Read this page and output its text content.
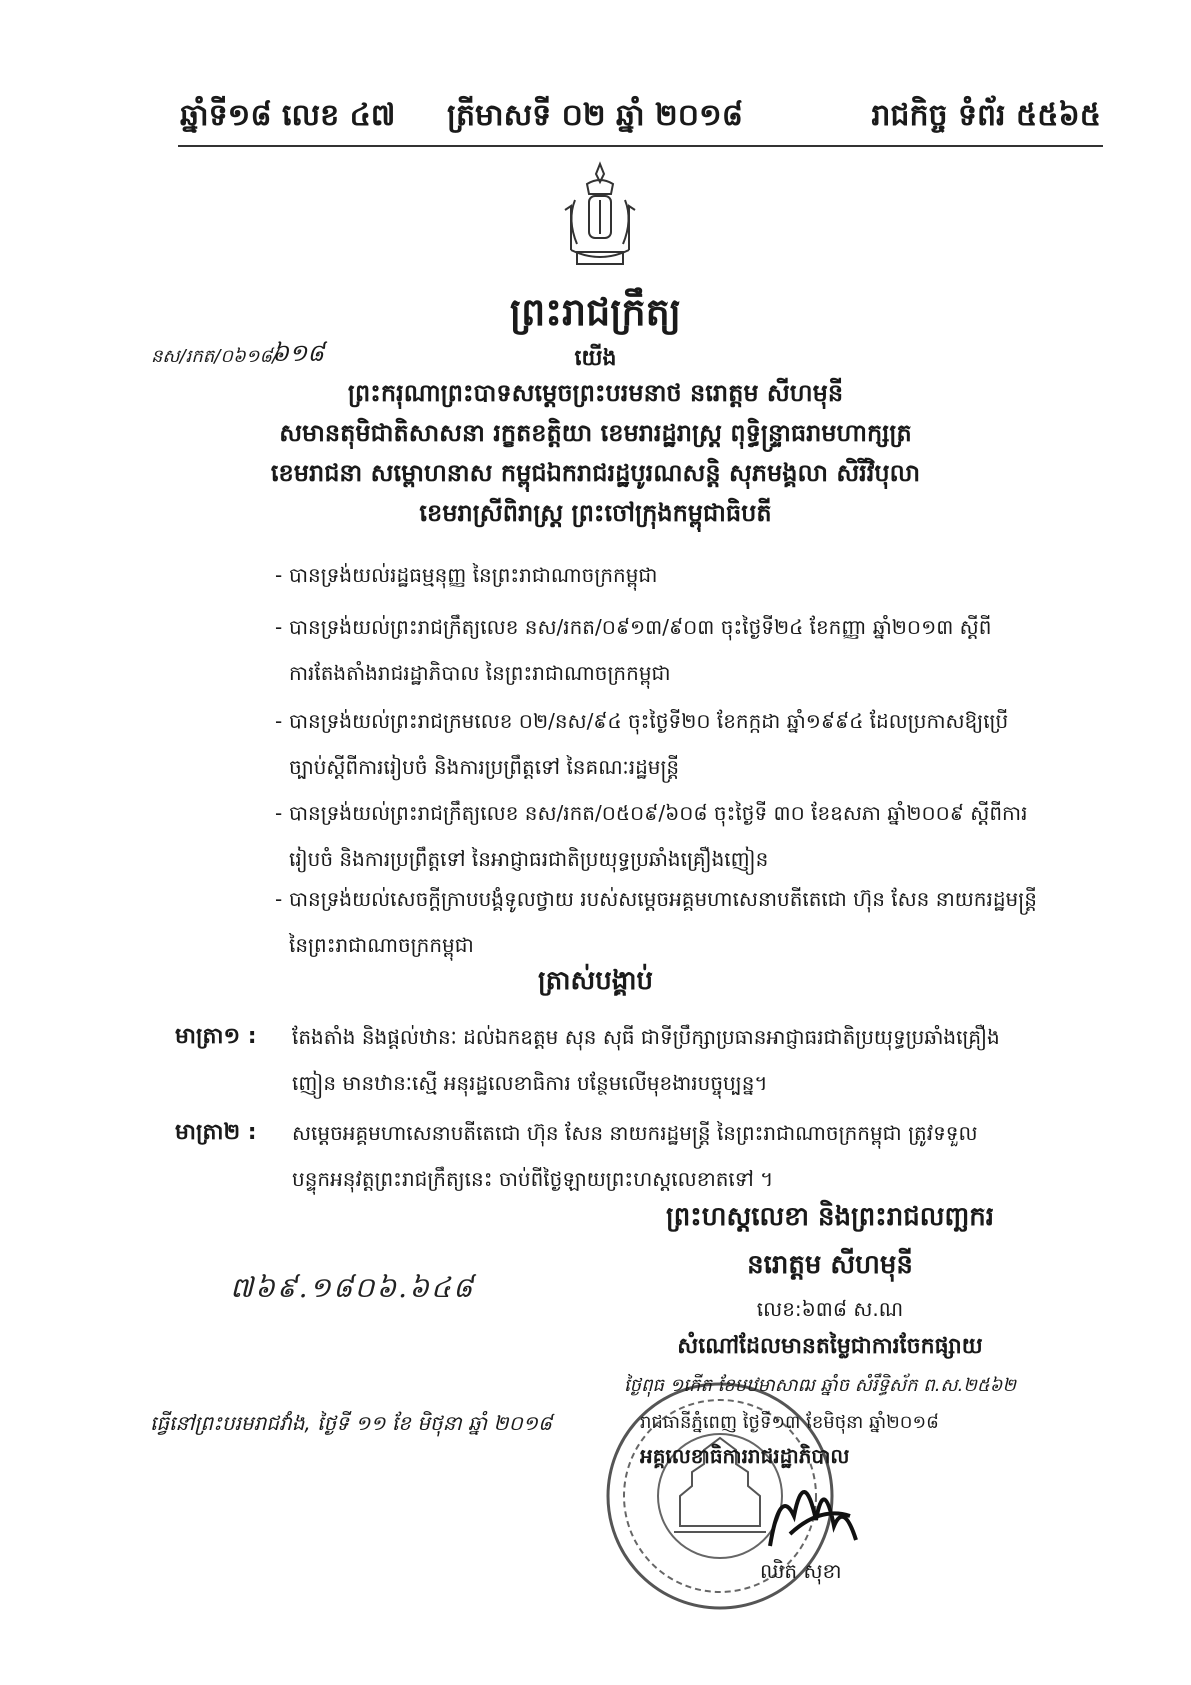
ឆ្នាំទី១៨ លេខ ៤៧ ត្រីមាសទី ០២ ឆ្នាំ ២០១៨	រាជកិច្ច ទំព័រ ៥៥៦៥
ព្រះរាជក្រឹត្យ
នស/រកត/០៦១៨/
៦១៨	យើង
ព្រះករុណាព្រះបាទសម្តេចព្រះបរមនាថ នរោត្តម សីហមុនី
សមានតុមិជាតិសាសនា រក្ខតខត្តិយា ខេមរារដ្ឋរាស្ត្រ ពុទ្ធិន្ទ្រាធរាមហាក្សត្រ
ខេមរាជនា សម្ពោហនាស កម្ពុជឯករាជរដ្ឋបូរណសន្តិ សុភមង្គលា សិរីវិបុលា
ខេមរាស្រីពិរាស្ត្រ ព្រះចៅក្រុងកម្ពុជាធិបតី
- បានទ្រង់យល់រដ្ឋធម្មនុញ្ញ នៃព្រះរាជាណាចក្រកម្ពុជា
- បានទ្រង់យល់ព្រះរាជក្រឹត្យលេខ នស/រកត/០៩១៣/៩០៣ ចុះថ្ងៃទី២៤ ខែកញ្ញា ឆ្នាំ២០១៣ ស្តីពី
ការតែងតាំងរាជរដ្ឋាភិបាល នៃព្រះរាជាណាចក្រកម្ពុជា
- បានទ្រង់យល់ព្រះរាជក្រមលេខ ០២/នស/៩៤ ចុះថ្ងៃទី២០ ខែកក្កដា ឆ្នាំ១៩៩៤ ដែលប្រកាសឱ្យប្រើ
ច្បាប់ស្តីពីការរៀបចំ និងការប្រព្រឹត្តទៅ នៃគណៈរដ្ឋមន្ត្រី
- បានទ្រង់យល់ព្រះរាជក្រឹត្យលេខ នស/រកត/០៥០៩/៦០៨ ចុះថ្ងៃទី ៣០ ខែឧសភា ឆ្នាំ២០០៩ ស្តីពីការ
រៀបចំ និងការប្រព្រឹត្តទៅ នៃអាជ្ញាធរជាតិប្រយុទ្ធប្រឆាំងគ្រឿងញៀន
- បានទ្រង់យល់សេចក្តីក្រាបបង្គំទូលថ្វាយ របស់សម្តេចអគ្គមហាសេនាបតីតេជោ ហ៊ុន សែន នាយករដ្ឋមន្ត្រី
នៃព្រះរាជាណាចក្រកម្ពុជា
ត្រាស់បង្គាប់
មាត្រា១ : តែងតាំង និងផ្តល់ឋានៈ ដល់ឯកឧត្តម សុន សុធី ជាទីប្រឹក្សាប្រធានអាជ្ញាធរជាតិប្រយុទ្ធប្រឆាំងគ្រឿង
ញៀន មានឋានៈស្មើ អនុរដ្ឋលេខាធិការ បន្ថែមលើមុខងារបច្ចុប្បន្ន។
មាត្រា២ : សម្តេចអគ្គមហាសេនាបតីតេជោ ហ៊ុន សែន នាយករដ្ឋមន្ត្រី នៃព្រះរាជាណាចក្រកម្ពុជា ត្រូវទទួល
បន្ទុកអនុវត្តព្រះរាជក្រឹត្យនេះ ចាប់ពីថ្ងៃឡាយព្រះហស្តលេខាតទៅ ។
ព្រះហស្តលេខា និងព្រះរាជលញ្ឆករ
នរោត្តម សីហមុនី
លេខ:៦៣៨ ស.ណ
៧៦៩.១៨០៦.៦៤៨
ធ្វើនៅព្រះបរមរាជវាំង, ថ្ងៃទី ១១ ខែ មិថុនា ឆ្នាំ ២០១៨
សំណៅដែលមានតម្លៃជាការចែកផ្សាយ
ថ្ងៃពុធ ១កើត ខែបឋមាសាឍ ឆ្នាំច សំរឹទ្ធិស័ក ព.ស.២៥៦២
រាជធានីភ្នំពេញ ថ្ងៃទី១៣ ខែមិថុនា ឆ្នាំ២០១៨
អគ្គលេខាធិការរាជរដ្ឋាភិបាល
ឈិត សុខា
